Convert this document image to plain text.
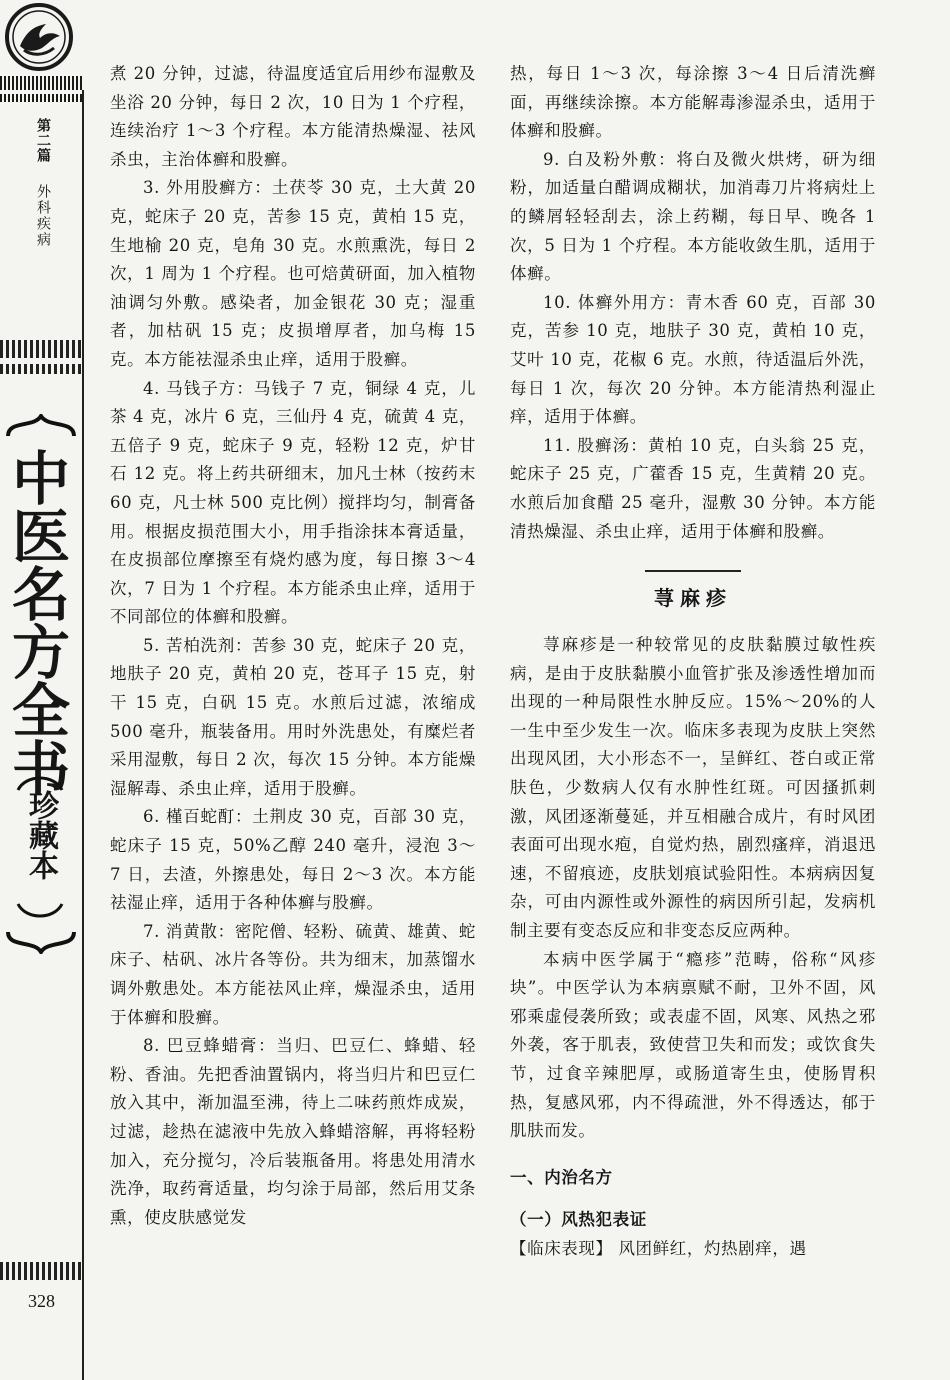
第二篇
外科疾病
中医名方全书
珍藏本
328

煮 20 分钟，过滤，待温度适宜后用纱布湿敷及坐浴 20 分钟，每日 2 次，10 日为 1 个疗程，连续治疗 1～3 个疗程。本方能清热燥湿、祛风杀虫，主治体癣和股癣。

3. 外用股癣方：土茯苓 30 克，土大黄 20 克，蛇床子 20 克，苦参 15 克，黄柏 15 克，生地榆 20 克，皂角 30 克。水煎熏洗，每日 2 次，1 周为 1 个疗程。也可焙黄研面，加入植物油调匀外敷。感染者，加金银花 30 克；湿重者，加枯矾 15 克；皮损增厚者，加乌梅 15 克。本方能祛湿杀虫止痒，适用于股癣。

4. 马钱子方：马钱子 7 克，铜绿 4 克，儿茶 4 克，冰片 6 克，三仙丹 4 克，硫黄 4 克，五倍子 9 克，蛇床子 9 克，轻粉 12 克，炉甘石 12 克。将上药共研细末，加凡士林（按药末 60 克，凡士林 500 克比例）搅拌均匀，制膏备用。根据皮损范围大小，用手指涂抹本膏适量，在皮损部位摩擦至有烧灼感为度，每日擦 3～4 次，7 日为 1 个疗程。本方能杀虫止痒，适用于不同部位的体癣和股癣。

5. 苦柏洗剂：苦参 30 克，蛇床子 20 克，地肤子 20 克，黄柏 20 克，苍耳子 15 克，射干 15 克，白矾 15 克。水煎后过滤，浓缩成 500 毫升，瓶装备用。用时外洗患处，有糜烂者采用湿敷，每日 2 次，每次 15 分钟。本方能燥湿解毒、杀虫止痒，适用于股癣。

6. 槿百蛇酊：土荆皮 30 克，百部 30 克，蛇床子 15 克，50%乙醇 240 毫升，浸泡 3～7 日，去渣，外擦患处，每日 2～3 次。本方能祛湿止痒，适用于各种体癣与股癣。

7. 消黄散：密陀僧、轻粉、硫黄、雄黄、蛇床子、枯矾、冰片各等份。共为细末，加蒸馏水调外敷患处。本方能祛风止痒，燥湿杀虫，适用于体癣和股癣。

8. 巴豆蜂蜡膏：当归、巴豆仁、蜂蜡、轻粉、香油。先把香油置锅内，将当归片和巴豆仁放入其中，渐加温至沸，待上二味药煎炸成炭，过滤，趁热在滤液中先放入蜂蜡溶解，再将轻粉加入，充分搅匀，冷后装瓶备用。将患处用清水洗净，取药膏适量，均匀涂于局部，然后用艾条熏，使皮肤感觉发

热，每日 1～3 次，每涂擦 3～4 日后清洗癣面，再继续涂擦。本方能解毒渗湿杀虫，适用于体癣和股癣。

9. 白及粉外敷：将白及微火烘烤，研为细粉，加适量白醋调成糊状，加消毒刀片将病灶上的鳞屑轻轻刮去，涂上药糊，每日早、晚各 1 次，5 日为 1 个疗程。本方能收敛生肌，适用于体癣。

10. 体癣外用方：青木香 60 克，百部 30 克，苦参 10 克，地肤子 30 克，黄柏 10 克，艾叶 10 克，花椒 6 克。水煎，待适温后外洗，每日 1 次，每次 20 分钟。本方能清热利湿止痒，适用于体癣。

11. 股癣汤：黄柏 10 克，白头翁 25 克，蛇床子 25 克，广藿香 15 克，生黄精 20 克。水煎后加食醋 25 毫升，湿敷 30 分钟。本方能清热燥湿、杀虫止痒，适用于体癣和股癣。

荨麻疹

荨麻疹是一种较常见的皮肤黏膜过敏性疾病，是由于皮肤黏膜小血管扩张及渗透性增加而出现的一种局限性水肿反应。15%～20%的人一生中至少发生一次。临床多表现为皮肤上突然出现风团，大小形态不一，呈鲜红、苍白或正常肤色，少数病人仅有水肿性红斑。可因搔抓刺激，风团逐渐蔓延，并互相融合成片，有时风团表面可出现水疱，自觉灼热，剧烈瘙痒，消退迅速，不留痕迹，皮肤划痕试验阳性。本病病因复杂，可由内源性或外源性的病因所引起，发病机制主要有变态反应和非变态反应两种。

本病中医学属于“瘾疹”范畴，俗称“风疹块”。中医学认为本病禀赋不耐，卫外不固，风邪乘虚侵袭所致；或表虚不固，风寒、风热之邪外袭，客于肌表，致使营卫失和而发；或饮食失节，过食辛辣肥厚，或肠道寄生虫，使肠胃积热，复感风邪，内不得疏泄，外不得透达，郁于肌肤而发。

一、内治名方

（一）风热犯表证

【临床表现】 风团鲜红，灼热剧痒，遇
